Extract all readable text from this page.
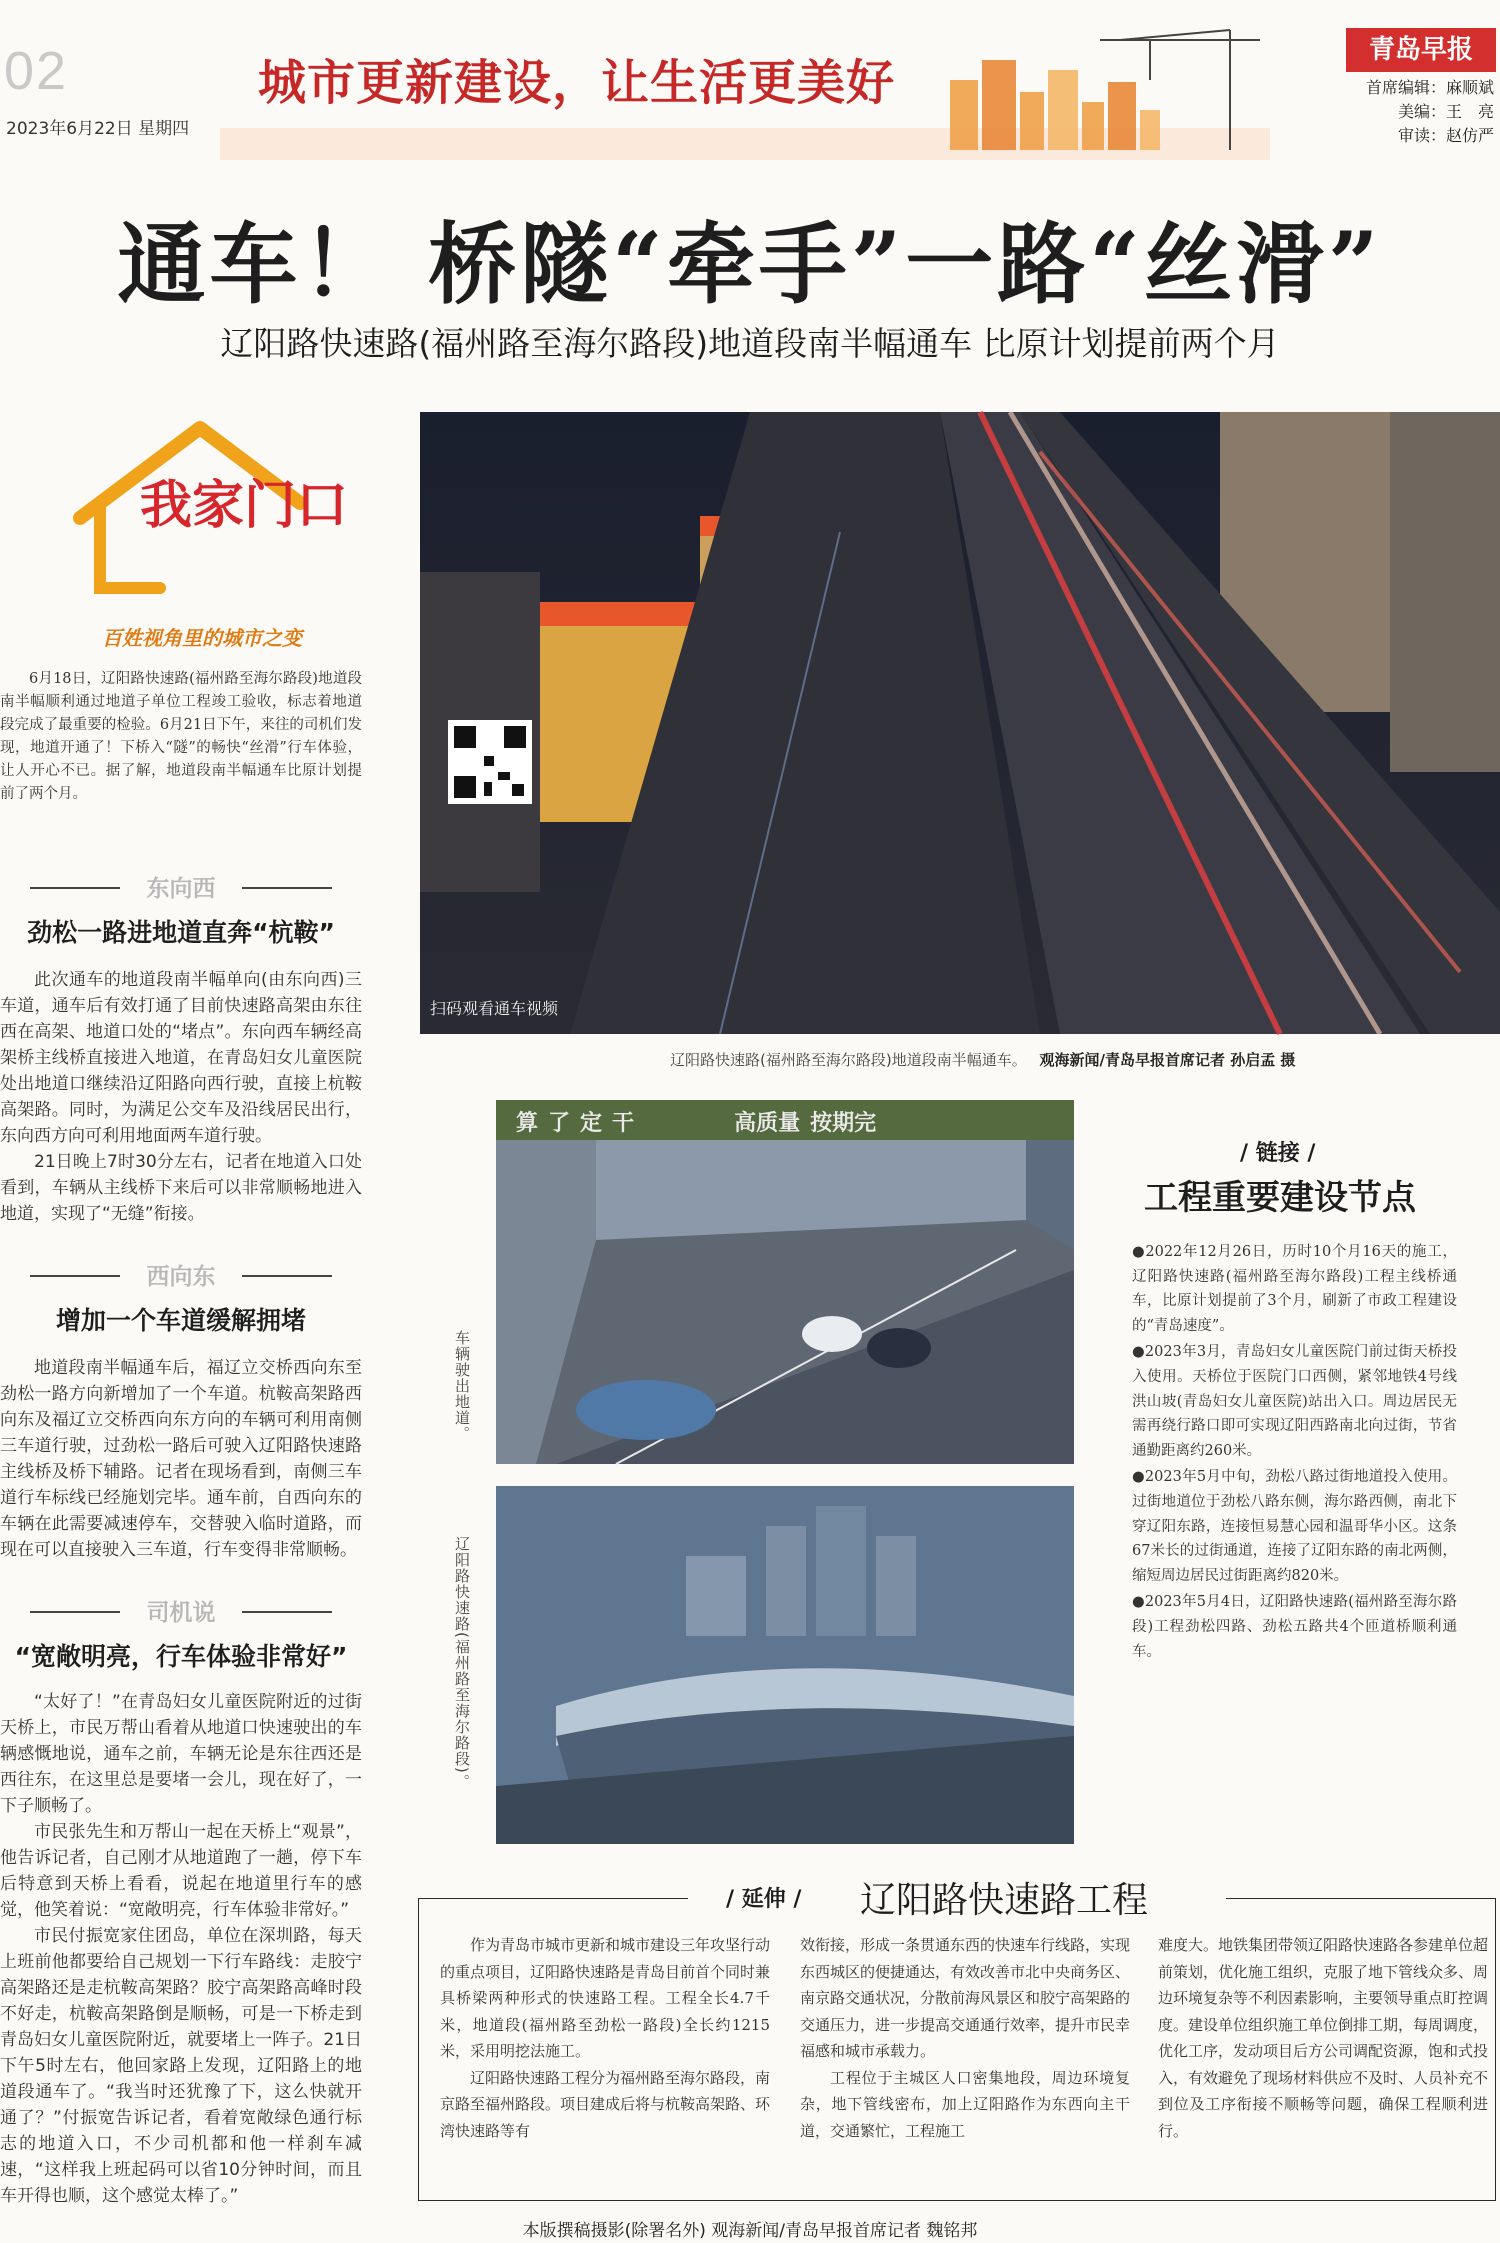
02
2023年6月22日 星期四
城市更新建设，让生活更美好
青岛早报
首席编辑：麻顺斌
美编：王　亮
审读：赵仿严
通车！ 桥隧“牵手”一路“丝滑”
辽阳路快速路(福州路至海尔路段)地道段南半幅通车 比原计划提前两个月
我家门口
百姓视角里的城市之变

6月18日，辽阳路快速路(福州路至海尔路段)地道段南半幅顺利通过地道子单位工程竣工验收，标志着地道段完成了最重要的检验。6月21日下午，来往的司机们发现，地道开通了！下桥入“隧”的畅快“丝滑”行车体验，让人开心不已。据了解，地道段南半幅通车比原计划提前了两个月。

东向西
劲松一路进地道直奔“杭鞍”

此次通车的地道段南半幅单向(由东向西)三车道，通车后有效打通了目前快速路高架由东往西在高架、地道口处的“堵点”。东向西车辆经高架桥主线桥直接进入地道，在青岛妇女儿童医院处出地道口继续沿辽阳路向西行驶，直接上杭鞍高架路。同时，为满足公交车及沿线居民出行，东向西方向可利用地面两车道行驶。

21日晚上7时30分左右，记者在地道入口处看到，车辆从主线桥下来后可以非常顺畅地进入地道，实现了“无缝”衔接。

西向东
增加一个车道缓解拥堵

地道段南半幅通车后，福辽立交桥西向东至劲松一路方向新增加了一个车道。杭鞍高架路西向东及福辽立交桥西向东方向的车辆可利用南侧三车道行驶，过劲松一路后可驶入辽阳路快速路主线桥及桥下辅路。记者在现场看到，南侧三车道行车标线已经施划完毕。通车前，自西向东的车辆在此需要减速停车，交替驶入临时道路，而现在可以直接驶入三车道，行车变得非常顺畅。

司机说
“宽敞明亮，行车体验非常好”

“太好了！”在青岛妇女儿童医院附近的过街天桥上，市民万帮山看着从地道口快速驶出的车辆感慨地说，通车之前，车辆无论是东往西还是西往东，在这里总是要堵一会儿，现在好了，一下子顺畅了。

市民张先生和万帮山一起在天桥上“观景”，他告诉记者，自己刚才从地道跑了一趟，停下车后特意到天桥上看看，说起在地道里行车的感觉，他笑着说：“宽敞明亮，行车体验非常好。”

市民付振宽家住团岛，单位在深圳路，每天上班前他都要给自己规划一下行车路线：走胶宁高架路还是走杭鞍高架路？胶宁高架路高峰时段不好走，杭鞍高架路倒是顺畅，可是一下桥走到青岛妇女儿童医院附近，就要堵上一阵子。21日下午5时左右，他回家路上发现，辽阳路上的地道段通车了。“我当时还犹豫了下，这么快就开通了？”付振宽告诉记者，看着宽敞绿色通行标志的地道入口，不少司机都和他一样刹车减速，“这样我上班起码可以省10分钟时间，而且车开得也顺，这个感觉太棒了。”

扫码观看通车视频
辽阳路快速路(福州路至海尔路段)地道段南半幅通车。 观海新闻/青岛早报首席记者 孙启孟 摄
算 了 定 干	高质量 按期完
车辆驶出地道。
辽阳路快速路(福州路至海尔路段)。
/ 链接 /
工程重要建设节点

●2022年12月26日，历时10个月16天的施工，辽阳路快速路(福州路至海尔路段)工程主线桥通车，比原计划提前了3个月，刷新了市政工程建设的“青岛速度”。

●2023年3月，青岛妇女儿童医院门前过街天桥投入使用。天桥位于医院门口西侧，紧邻地铁4号线洪山坡(青岛妇女儿童医院)站出入口。周边居民无需再绕行路口即可实现辽阳西路南北向过街，节省通勤距离约260米。

●2023年5月中旬，劲松八路过街地道投入使用。过街地道位于劲松八路东侧，海尔路西侧，南北下穿辽阳东路，连接恒易慧心园和温哥华小区。这条67米长的过街通道，连接了辽阳东路的南北两侧，缩短周边居民过街距离约820米。

●2023年5月4日，辽阳路快速路(福州路至海尔路段)工程劲松四路、劲松五路共4个匝道桥顺利通车。

/ 延伸 / 辽阳路快速路工程

作为青岛市城市更新和城市建设三年攻坚行动的重点项目，辽阳路快速路是青岛目前首个同时兼具桥梁两种形式的快速路工程。工程全长4.7千米，地道段(福州路至劲松一路段)全长约1215米，采用明挖法施工。

辽阳路快速路工程分为福州路至海尔路段，南京路至福州路段。项目建成后将与杭鞍高架路、环湾快速路等有

效衔接，形成一条贯通东西的快速车行线路，实现东西城区的便捷通达，有效改善市北中央商务区、南京路交通状况，分散前海风景区和胶宁高架路的交通压力，进一步提高交通通行效率，提升市民幸福感和城市承载力。

工程位于主城区人口密集地段，周边环境复杂，地下管线密布，加上辽阳路作为东西向主干道，交通繁忙，工程施工

难度大。地铁集团带领辽阳路快速路各参建单位超前策划，优化施工组织，克服了地下管线众多、周边环境复杂等不利因素影响，主要领导重点盯控调度。建设单位组织施工单位倒排工期，每周调度，优化工序，发动项目后方公司调配资源，饱和式投入，有效避免了现场材料供应不及时、人员补充不到位及工序衔接不顺畅等问题，确保工程顺利进行。

本版撰稿摄影(除署名外) 观海新闻/青岛早报首席记者 魏铭邦
